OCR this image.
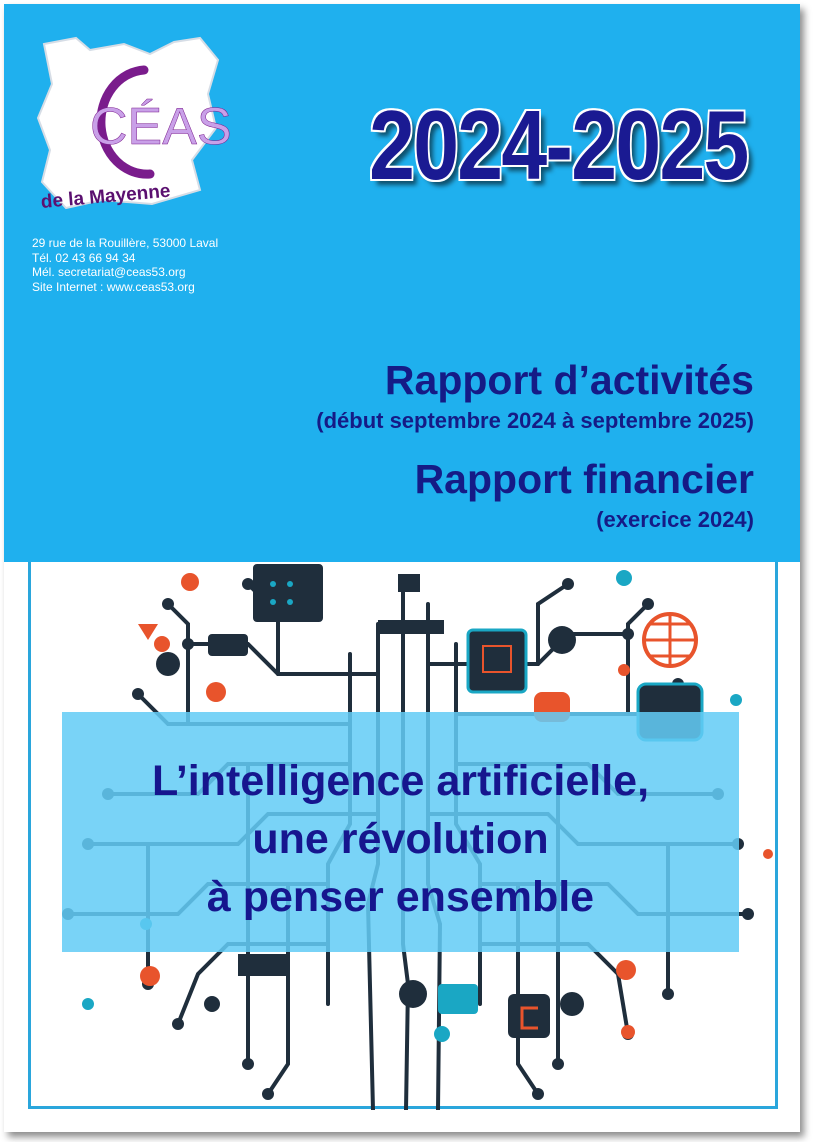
CÉAS
de la Mayenne
29 rue de la Rouillère, 53000 Laval
Tél. 02 43 66 94 34
Mél. secretariat@ceas53.org
Site Internet : www.ceas53.org
2024-2025
Rapport d’activités
(début septembre 2024 à septembre 2025)
Rapport financier
(exercice 2024)
L’intelligence artificielle,
une révolution
à penser ensemble
